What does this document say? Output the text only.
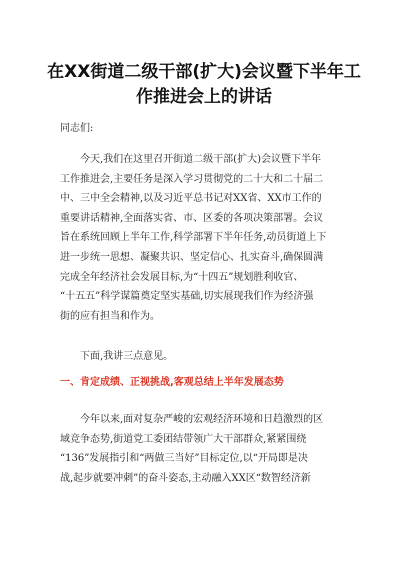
在XX街道二级干部(扩大)会议暨下半年工
作推进会上的讲话
同志们:
今天,我们在这里召开街道二级干部(扩大)会议暨下半年
工作推进会,主要任务是深入学习贯彻党的二十大和二十届二
中、三中全会精神,以及习近平总书记对XX省、XX市工作的
重要讲话精神,全面落实省、市、区委的各项决策部署。会议
旨在系统回顾上半年工作,科学部署下半年任务,动员街道上下
进一步统一思想、凝聚共识、坚定信心、扎实奋斗,确保圆满
完成全年经济社会发展目标,为“十四五”规划胜利收官、
“十五五”科学谋篇奠定坚实基础,切实展现我们作为经济强
街的应有担当和作为。
下面,我讲三点意见。
一、肯定成绩、正视挑战,客观总结上半年发展态势
今年以来,面对复杂严峻的宏观经济环境和日趋激烈的区
域竞争态势,街道党工委团结带领广大干部群众,紧紧围绕
“136”发展指引和“两做三当好”目标定位,以“开局即是决
战,起步就要冲刺”的奋斗姿态,主动融入XX区“数智经济新
